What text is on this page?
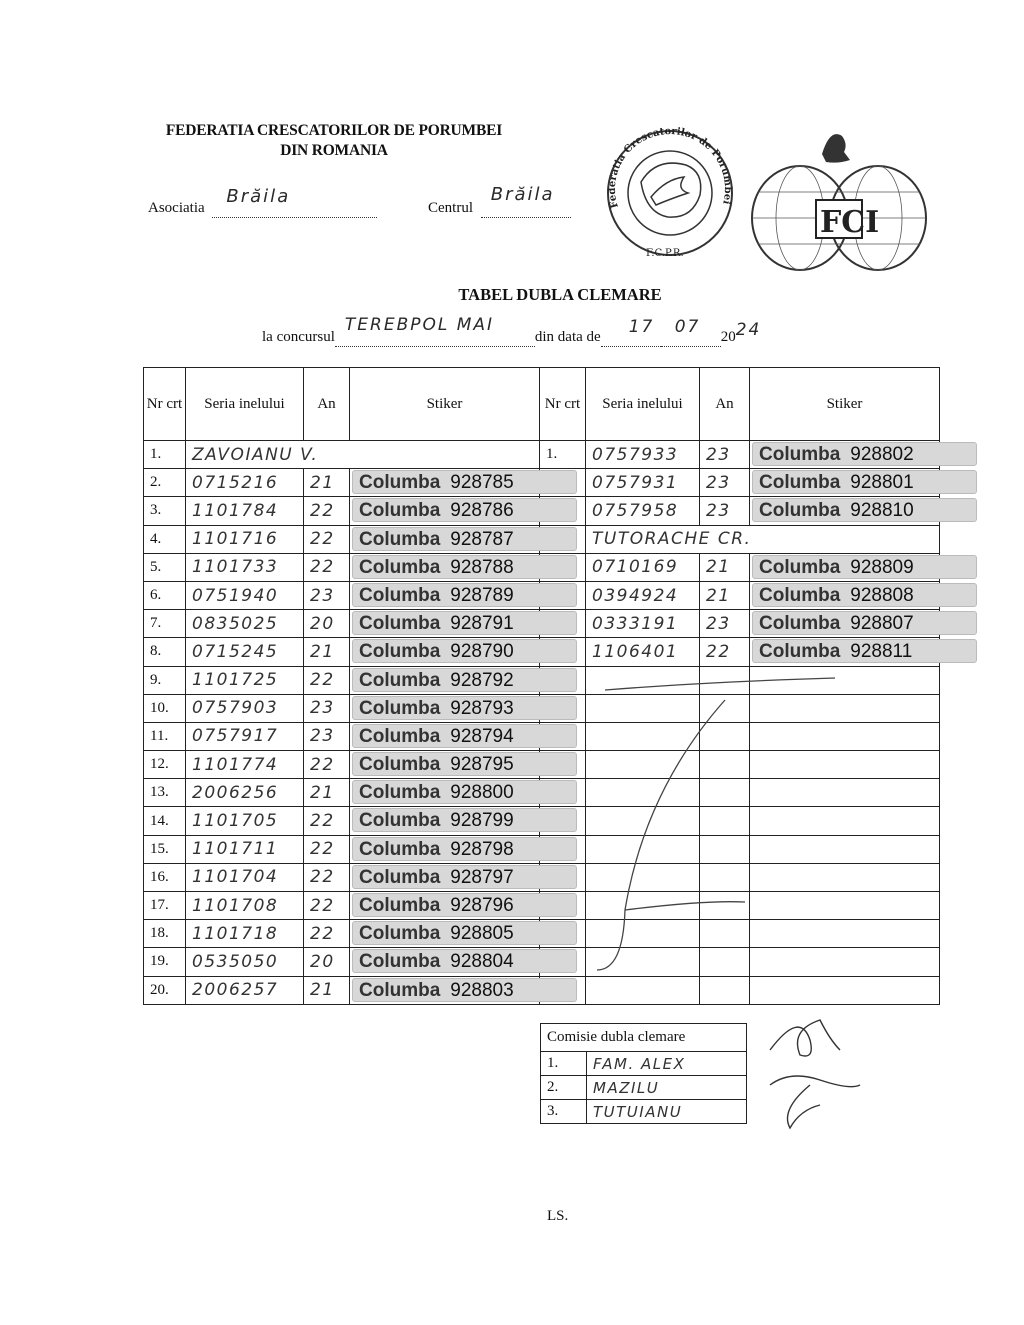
FEDERATIA CRESCATORILOR DE PORUMBEI
DIN ROMANIA
Asociatia
Brăila

Centrul
Brăila
	Federatia Crescatorilor de Porumbei
F.C.P.R.
FCI
TABEL DUBLA CLEMARE
la concursul
TEREBPOL MAI
din data de 17
07 2024
Nr crt	Seria inelului	An	Stiker	Nr crt	Seria inelului	An	Stiker
1.	ZAVOIANU V.			1.	0757933	23	Columba 928802

2.	0715216	21	Columba 928785		0757931	23	Columba 928801

3.	1101784	22	Columba 928786		0757958	23	Columba 928810

4.	1101716	22	Columba 928787		TUTORACHE CR.		
5.	1101733	22	Columba 928788		0710169	21	Columba 928809

6.	0751940	23	Columba 928789		0394924	21	Columba 928808

7.	0835025	20	Columba 928791		0333191	23	Columba 928807

8.	0715245	21	Columba 928790		1106401	22	Columba 928811

9.	1101725	22	Columba 928792				

10.	0757903	23	Columba 928793				

11.	0757917	23	Columba 928794				

12.	1101774	22	Columba 928795				

13.	2006256	21	Columba 928800				

14.	1101705	22	Columba 928799				

15.	1101711	22	Columba 928798				

16.	1101704	22	Columba 928797				

17.	1101708	22	Columba 928796				

18.	1101718	22	Columba 928805				

19.	0535050	20	Columba 928804				

20.	2006257	21	Columba 928803				

Comisie dubla clemare	
1.	FAM. ALEX
2.	MAZILU
3.	TUTUIANU
LS.
